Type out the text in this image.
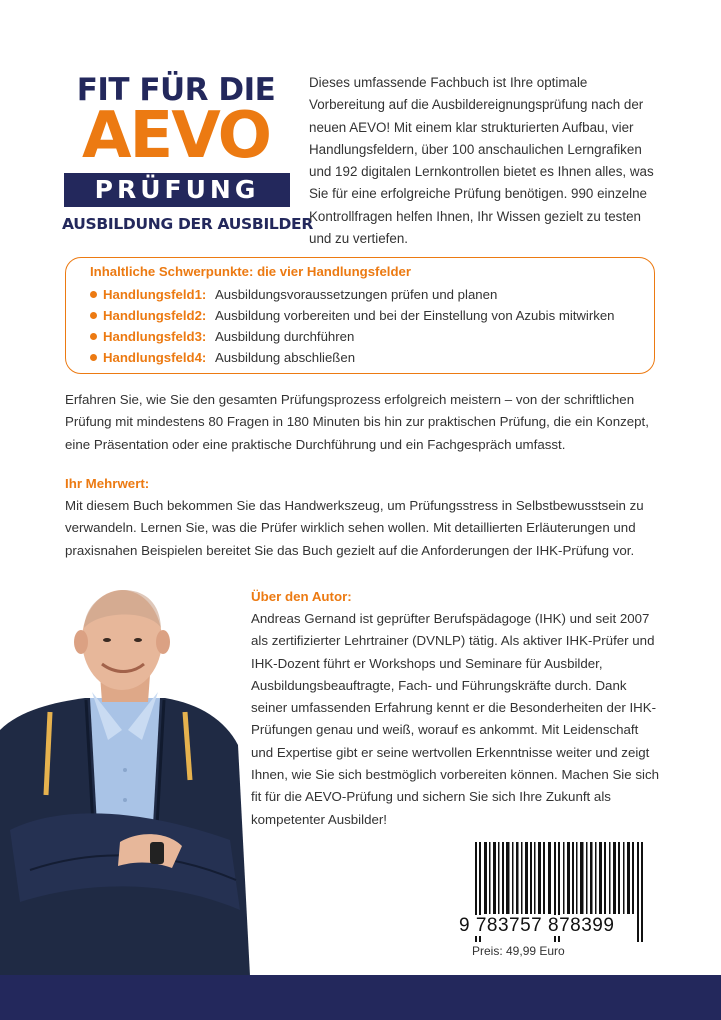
FIT FÜR DIE
AEVO
PRÜFUNG
AUSBILDUNG DER AUSBILDER
Dieses umfassende Fachbuch ist Ihre optimale Vorbereitung auf die Ausbildereignungsprüfung nach der neuen AEVO! Mit einem klar strukturierten Aufbau, vier Handlungsfeldern, über 100 anschaulichen Lerngrafiken und 192 digitalen Lernkontrollen bietet es Ihnen alles, was Sie für eine erfolgreiche Prüfung benötigen. 990 einzelne Kontrollfragen helfen Ihnen, Ihr Wissen gezielt zu testen und zu vertiefen.
Inhaltliche Schwerpunkte: die vier Handlungsfelder
Handlungsfeld1: Ausbildungsvoraussetzungen prüfen und planen
Handlungsfeld2: Ausbildung vorbereiten und bei der Einstellung von Azubis mitwirken
Handlungsfeld3: Ausbildung durchführen
Handlungsfeld4: Ausbildung abschließen
Erfahren Sie, wie Sie den gesamten Prüfungsprozess erfolgreich meistern – von der schriftlichen Prüfung mit mindestens 80 Fragen in 180 Minuten bis hin zur praktischen Prüfung, die ein Konzept, eine Präsentation oder eine praktische Durchführung und ein Fachgespräch umfasst.
Ihr Mehrwert:
Mit diesem Buch bekommen Sie das Handwerkszeug, um Prüfungsstress in Selbstbewusstsein zu verwandeln. Lernen Sie, was die Prüfer wirklich sehen wollen. Mit detaillierten Erläuterungen und praxisnahen Beispielen bereitet Sie das Buch gezielt auf die Anforderungen der IHK-Prüfung vor.
Über den Autor:
Andreas Gernand ist geprüfter Berufspädagoge (IHK) und seit 2007 als zertifizierter Lehrtrainer (DVNLP) tätig. Als aktiver IHK-Prüfer und IHK-Dozent führt er Workshops und Seminare für Ausbilder, Ausbildungsbeauftragte, Fach- und Führungskräfte durch. Dank seiner umfassenden Erfahrung kennt er die Besonderheiten der IHK-Prüfungen genau und weiß, worauf es ankommt. Mit Leidenschaft und Expertise gibt er seine wertvollen Erkenntnisse weiter und zeigt Ihnen, wie Sie sich bestmöglich vorbereiten können. Machen Sie sich fit für die AEVO-Prüfung und sichern Sie sich Ihre Zukunft als kompetenter Ausbilder!
9 783757 878399
Preis: 49,99 Euro
